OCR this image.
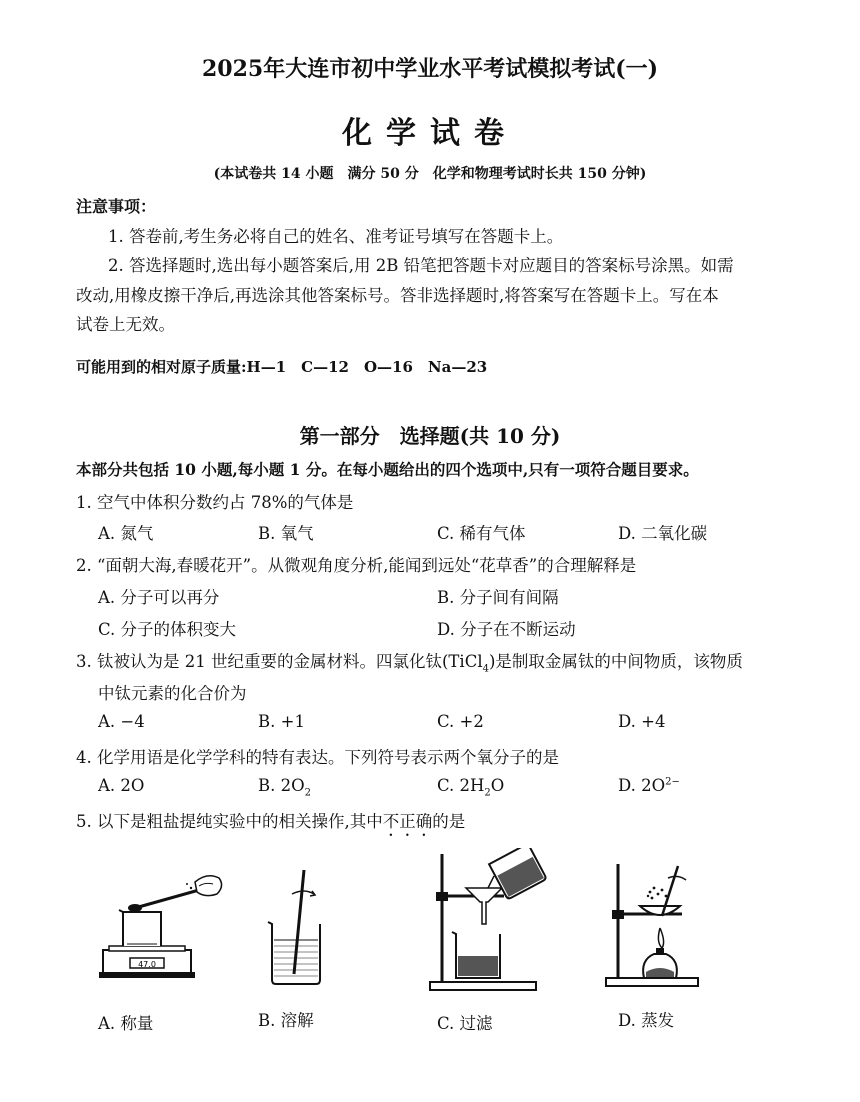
2025年大连市初中学业水平考试模拟考试(一)
化学试卷
(本试卷共 14 小题　满分 50 分　化学和物理考试时长共 150 分钟)
注意事项：
1. 答卷前,考生务必将自己的姓名、准考证号填写在答题卡上。
2. 答选择题时,选出每小题答案后,用 2B 铅笔把答题卡对应题目的答案标号涂黑。如需
改动,用橡皮擦干净后,再选涂其他答案标号。答非选择题时,将答案写在答题卡上。写在本
试卷上无效。
可能用到的相对原子质量:H—1　C—12　O—16　Na—23
第一部分　选择题(共 10 分)
本部分共包括 10 小题,每小题 1 分。在每小题给出的四个选项中,只有一项符合题目要求。
1. 空气中体积分数约占 78%的气体是
A. 氮气	B. 氧气	C. 稀有气体	D. 二氧化碳
2. “面朝大海,春暖花开”。从微观角度分析,能闻到远处“花草香”的合理解释是
A. 分子可以再分	B. 分子间有间隔
C. 分子的体积变大	D. 分子在不断运动
3. 钛被认为是 21 世纪重要的金属材料。四氯化钛(TiCl$_4$)是制取金属钛的中间物质，该物质
中钛元素的化合价为
A. −4	B. +1	C. +2	D. +4
4. 化学用语是化学学科的特有表达。下列符号表示两个氧分子的是
A. 2O	B. $2O_2$	C. $2H_2O$	D. $2O^{2-}$
5. 以下是粗盐提纯实验中的相关操作,其中不正确的是
47.0
A. 称量	B. 溶解	C. 过滤	D. 蒸发
